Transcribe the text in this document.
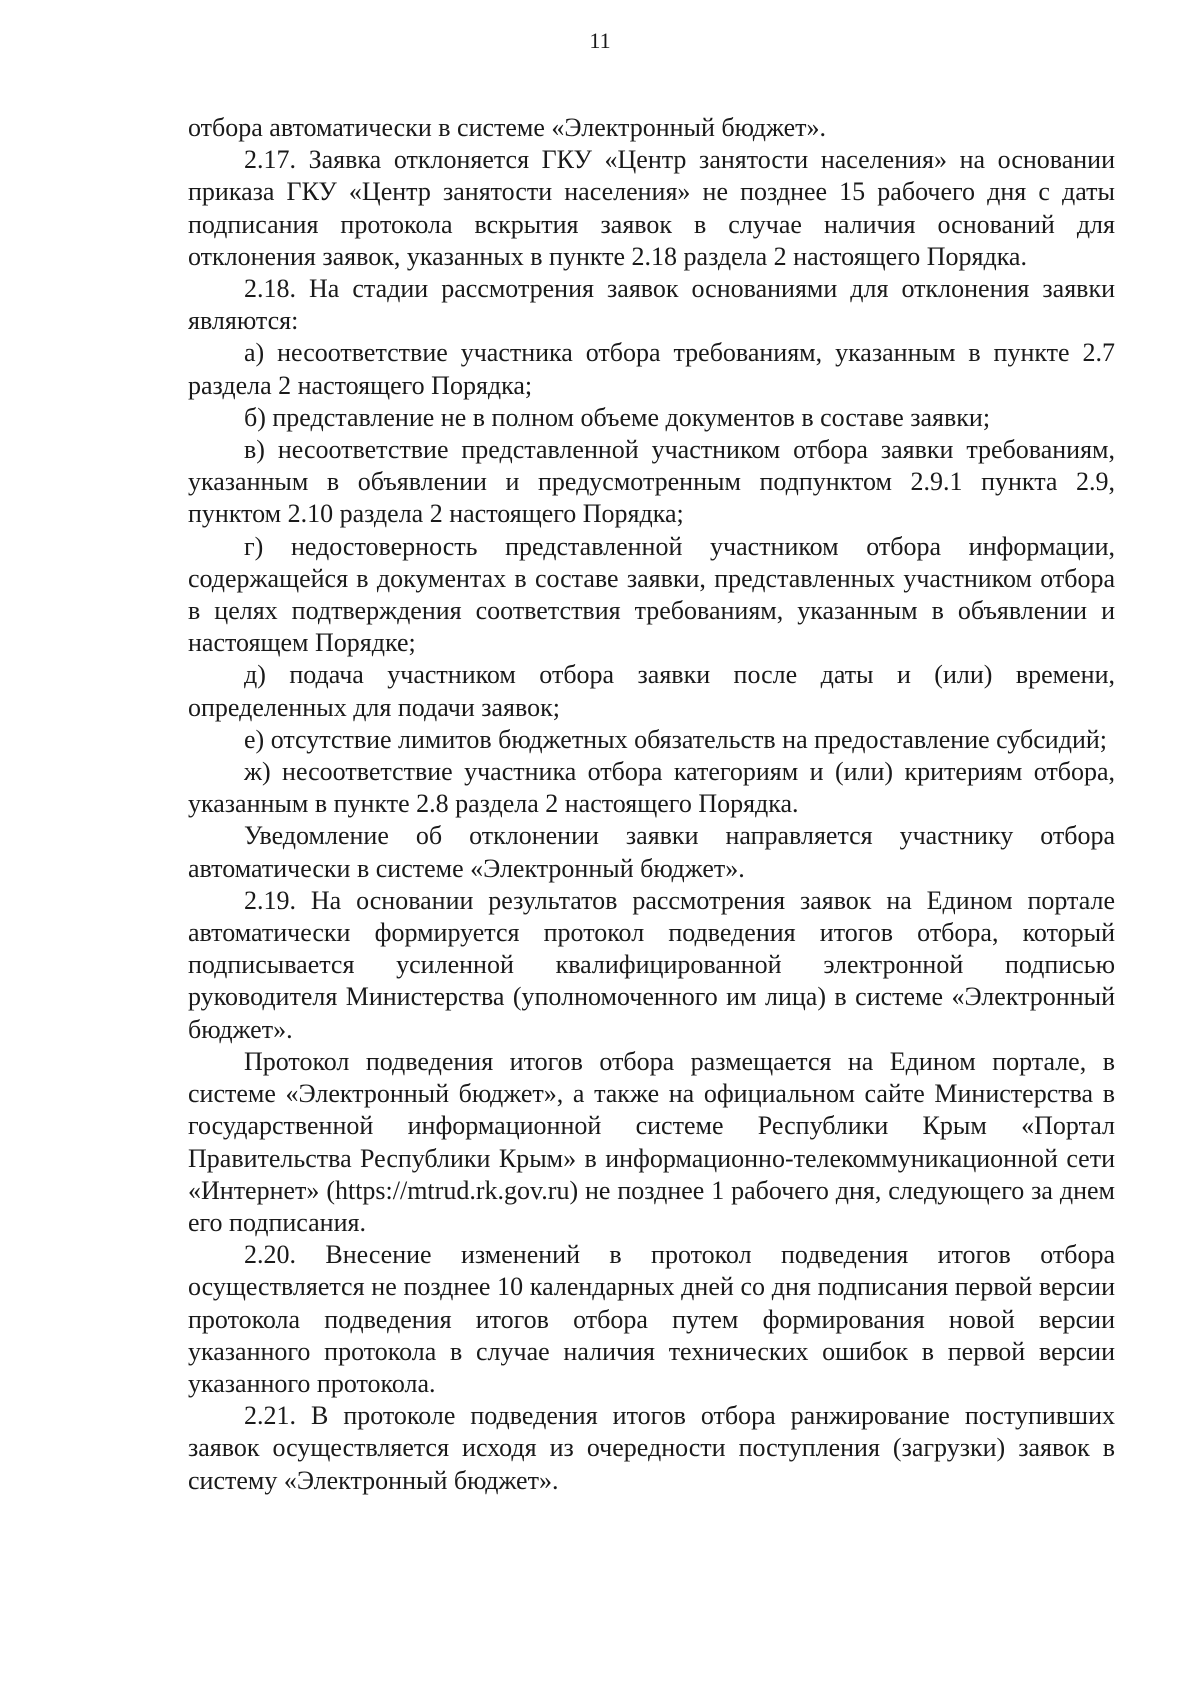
11

отбора автоматически в системе «Электронный бюджет».

2.17. Заявка отклоняется ГКУ «Центр занятости населения» на основании приказа ГКУ «Центр занятости населения» не позднее 15 рабочего дня с даты подписания протокола вскрытия заявок в случае наличия оснований для отклонения заявок, указанных в пункте 2.18 раздела 2 настоящего Порядка.

2.18. На стадии рассмотрения заявок основаниями для отклонения заявки являются:

а) несоответствие участника отбора требованиям, указанным в пункте 2.7 раздела 2 настоящего Порядка;

б) представление не в полном объеме документов в составе заявки;

в) несоответствие представленной участником отбора заявки требованиям, указанным в объявлении и предусмотренным подпунктом 2.9.1 пункта 2.9, пунктом 2.10 раздела 2 настоящего Порядка;

г) недостоверность представленной участником отбора информации, содержащейся в документах в составе заявки, представленных участником отбора в целях подтверждения соответствия требованиям, указанным в объявлении и настоящем Порядке;

д) подача участником отбора заявки после даты и (или) времени, определенных для подачи заявок;

е) отсутствие лимитов бюджетных обязательств на предоставление субсидий;

ж) несоответствие участника отбора категориям и (или) критериям отбора, указанным в пункте 2.8 раздела 2 настоящего Порядка.

Уведомление об отклонении заявки направляется участнику отбора автоматически в системе «Электронный бюджет».

2.19. На основании результатов рассмотрения заявок на Едином портале автоматически формируется протокол подведения итогов отбора, который подписывается усиленной квалифицированной электронной подписью руководителя Министерства (уполномоченного им лица) в системе «Электронный бюджет».

Протокол подведения итогов отбора размещается на Едином портале, в системе «Электронный бюджет», а также на официальном сайте Министерства в государственной информационной системе Республики Крым «Портал Правительства Республики Крым» в информационно-телекоммуникационной сети «Интернет» (https://mtrud.rk.gov.ru) не позднее 1 рабочего дня, следующего за днем его подписания.

2.20. Внесение изменений в протокол подведения итогов отбора осуществляется не позднее 10 календарных дней со дня подписания первой версии протокола подведения итогов отбора путем формирования новой версии указанного протокола в случае наличия технических ошибок в первой версии указанного протокола.

2.21. В протоколе подведения итогов отбора ранжирование поступивших заявок осуществляется исходя из очередности поступления (загрузки) заявок в систему «Электронный бюджет».
